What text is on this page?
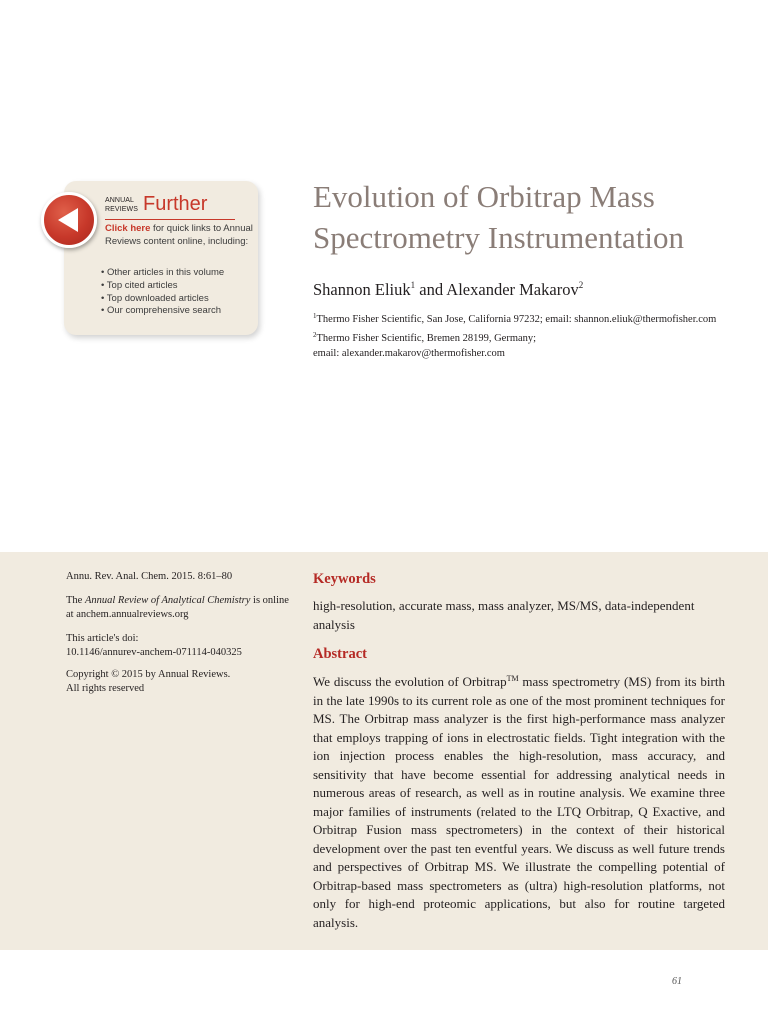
ANNUAL
REVIEWS Further
Click here for quick links to Annual Reviews content online, including:
• Other articles in this volume
• Top cited articles
• Top downloaded articles
• Our comprehensive search
Evolution of Orbitrap Mass Spectrometry Instrumentation
Shannon Eliuk$^1$ and Alexander Makarov$^2$
$^1$Thermo Fisher Scientific, San Jose, California 97232; email: shannon.eliuk@thermofisher.com
$^2$Thermo Fisher Scientific, Bremen 28199, Germany;
email: alexander.makarov@thermofisher.com
Annu. Rev. Anal. Chem. 2015. 8:61–80
The Annual Review of Analytical Chemistry is online at anchem.annualreviews.org
This article's doi:
10.1146/annurev-anchem-071114-040325
Copyright © 2015 by Annual Reviews.
All rights reserved
Keywords
high-resolution, accurate mass, mass analyzer, MS/MS, data-independent analysis
Abstract
We discuss the evolution of Orbitrap™ mass spectrometry (MS) from its birth in the late 1990s to its current role as one of the most prominent techniques for MS. The Orbitrap mass analyzer is the first high-performance mass analyzer that employs trapping of ions in electrostatic fields. Tight integration with the ion injection process enables the high-resolution, mass accuracy, and sensitivity that have become essential for addressing analytical needs in numerous areas of research, as well as in routine analysis. We examine three major families of instruments (related to the LTQ Orbitrap, Q Exactive, and Orbitrap Fusion mass spectrometers) in the context of their historical development over the past ten eventful years. We discuss as well future trends and perspectives of Orbitrap MS. We illustrate the compelling potential of Orbitrap-based mass spectrometers as (ultra) high-resolution platforms, not only for high-end proteomic applications, but also for routine targeted analysis.
61
